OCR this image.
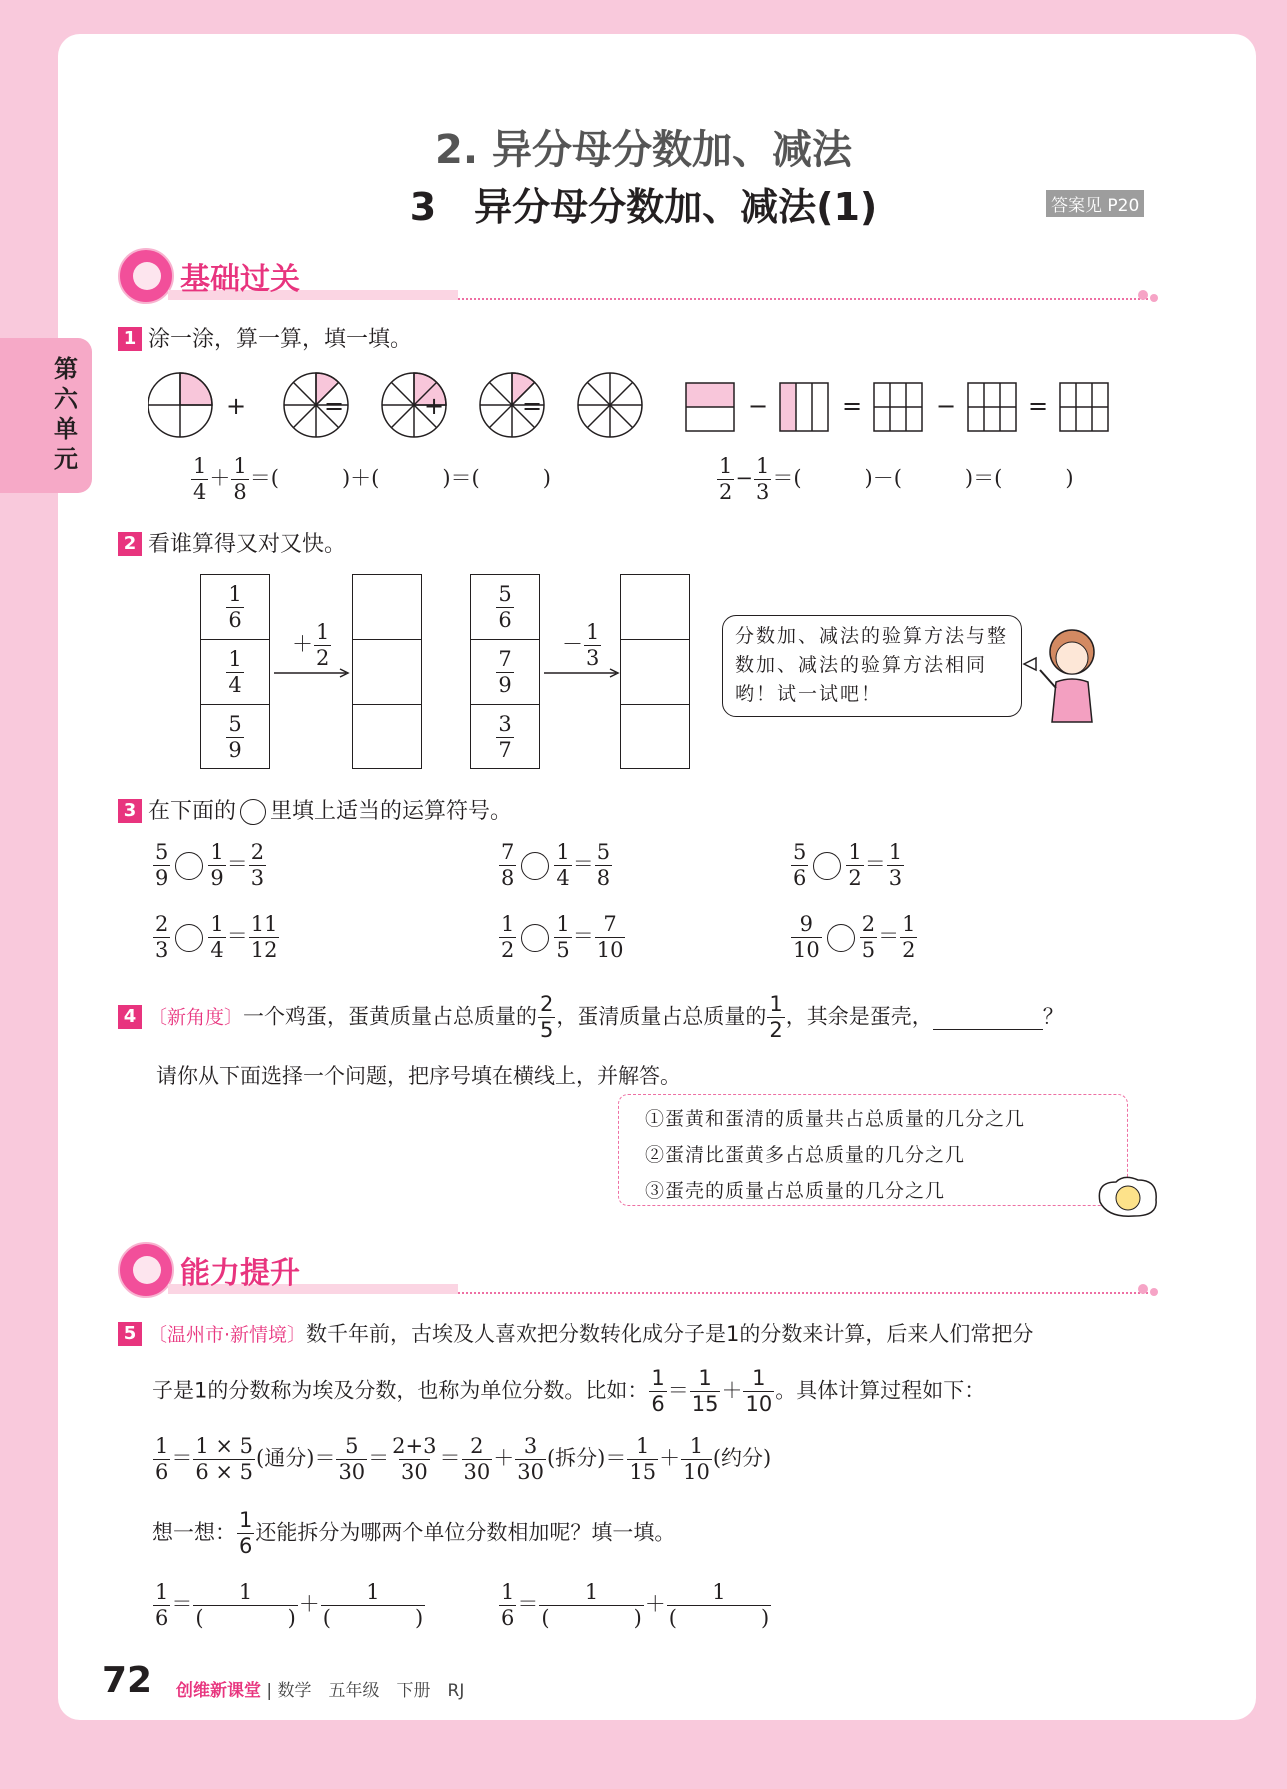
第六单元
2. 异分母分数加、减法
3　异分母分数加、减法(1)	答案见 P20
基础过关
1 涂一涂，算一算，填一填。
+	=	+	=	−	=	−	=
$\frac{1}{4} + \frac{1}{8}$ ＝(　　　)＋(　　　)＝(　　　)	$\frac{1}{2} - \frac{1}{3}$ ＝(　　　)－(　　　)＝(　　　)
2 看谁算得又对又快。
$\frac{1}{6}$
$\frac{1}{4}$
$\frac{5}{9}$
＋ $\frac{1}{2}$
$\frac{5}{6}$
$\frac{7}{9}$
$\frac{3}{7}$
－ $\frac{1}{3}$	分数加、减法的验算方法与整数加、减法的验算方法相同哟！试一试吧！
3 在下面的 里填上适当的运算符号。
$\frac{5}{9} \frac{1}{9} = \frac{2}{3}$	$\frac{7}{8} \frac{1}{4} = \frac{5}{8}$	$\frac{5}{6} \frac{1}{2} = \frac{1}{3}$
$\frac{2}{3} \frac{1}{4} = \frac{11}{12}$	$\frac{1}{2} \frac{1}{5} = \frac{7}{10}$	$\frac{9}{10} \frac{2}{5} = \frac{1}{2}$
4 〔新角度〕一个鸡蛋，蛋黄质量占总质量的 $\frac{2}{5}$ ，蛋清质量占总质量的 $\frac{1}{2}$ ，其余是蛋壳，	？
请你从下面选择一个问题，把序号填在横线上，并解答。
①蛋黄和蛋清的质量共占总质量的几分之几
②蛋清比蛋黄多占总质量的几分之几
③蛋壳的质量占总质量的几分之几
能力提升
5 〔温州市·新情境〕数千年前，古埃及人喜欢把分数转化成分子是1的分数来计算，后来人们常把分
子是1的分数称为埃及分数，也称为单位分数。比如： $\frac{1}{6} = \frac{1}{15} + \frac{1}{10}$ 。具体计算过程如下：
$\frac{1}{6} = \frac{1 \times 5}{6 \times 5}$ (通分)＝ $\frac{5}{30} = \frac{2+3}{30} = \frac{2}{30} + \frac{3}{30}$ (拆分)＝ $\frac{1}{15} + \frac{1}{10}$ (约分)
想一想： $\frac{1}{6}$ 还能拆分为哪两个单位分数相加呢？填一填。
$\frac{1}{6} = \frac{1}{( )} + \frac{1}{( )}$	$\frac{1}{6} = \frac{1}{( )} + \frac{1}{( )}$
72 创维新课堂 | 数学　五年级　下册　RJ
